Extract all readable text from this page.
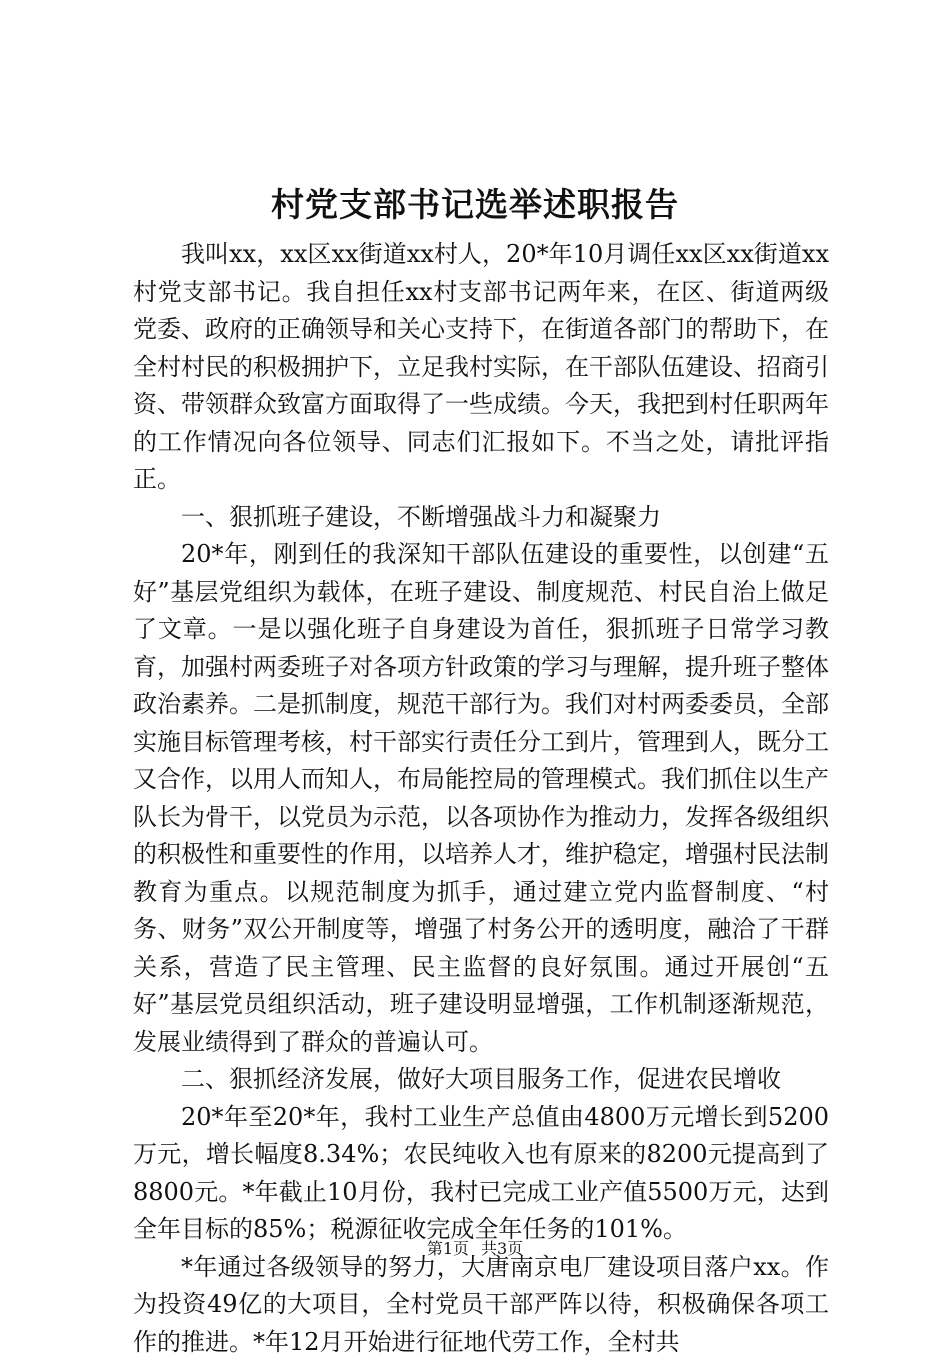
村党支部书记选举述职报告

我叫xx，xx区xx街道xx村人，20*年10月调任xx区xx街道xx村党支部书记。我自担任xx村支部书记两年来，在区、街道两级党委、政府的正确领导和关心支持下，在街道各部门的帮助下，在全村村民的积极拥护下，立足我村实际，在干部队伍建设、招商引资、带领群众致富方面取得了一些成绩。今天，我把到村任职两年的工作情况向各位领导、同志们汇报如下。不当之处，请批评指正。

一、狠抓班子建设，不断增强战斗力和凝聚力

20*年，刚到任的我深知干部队伍建设的重要性，以创建“五好”基层党组织为载体，在班子建设、制度规范、村民自治上做足了文章。一是以强化班子自身建设为首任，狠抓班子日常学习教育，加强村两委班子对各项方针政策的学习与理解，提升班子整体政治素养。二是抓制度，规范干部行为。我们对村两委委员，全部实施目标管理考核，村干部实行责任分工到片，管理到人，既分工又合作，以用人而知人，布局能控局的管理模式。我们抓住以生产队长为骨干，以党员为示范，以各项协作为推动力，发挥各级组织的积极性和重要性的作用，以培养人才，维护稳定，增强村民法制教育为重点。以规范制度为抓手，通过建立党内监督制度、“村务、财务”双公开制度等，增强了村务公开的透明度，融洽了干群关系，营造了民主管理、民主监督的良好氛围。通过开展创“五好”基层党员组织活动，班子建设明显增强，工作机制逐渐规范，发展业绩得到了群众的普遍认可。

二、狠抓经济发展，做好大项目服务工作，促进农民增收

20*年至20*年，我村工业生产总值由4800万元增长到5200万元，增长幅度8.34%；农民纯收入也有原来的8200元提高到了8800元。*年截止10月份，我村已完成工业产值5500万元，达到全年目标的85%；税源征收完成全年任务的101%。

*年通过各级领导的努力，大唐南京电厂建设项目落户xx。作为投资49亿的大项目，全村党员干部严阵以待，积极确保各项工作的推进。*年12月开始进行征地代劳工作，全村共

第1页 共3页
